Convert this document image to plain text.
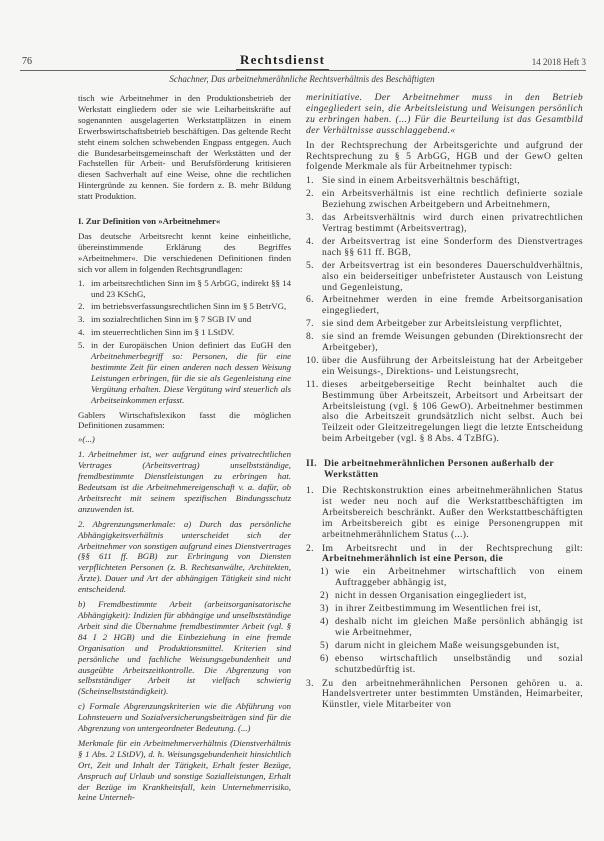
76	Rechtsdienst	14 2018 Heft 3
Schachner, Das arbeitnehmerähnliche Rechtsverhältnis des Beschäftigten

tisch wie Arbeitnehmer in den Produktionsbetrieb der Werkstatt eingliedern oder sie wie Leiharbeitskräfte auf sogenannten ausgelagerten Werkstattplätzen in einem Erwerbswirtschaftsbetrieb beschäftigen. Das geltende Recht steht einem solchen schwebenden Engpass entgegen. Auch die Bundesarbeitsgemeinschaft der Werkstätten und der Fachstellen für Arbeit- und Berufsförderung kritisieren diesen Sachverhalt auf eine Weise, ohne die rechtlichen Hintergründe zu kennen. Sie fordern z. B. mehr Bildung statt Produktion.

I. Zur Definition von »Arbeitnehmer«

Das deutsche Arbeitsrecht kennt keine einheitliche, übereinstimmende Erklärung des Begriffes »Arbeitnehmer«. Die verschiedenen Definitionen finden sich vor allem in folgenden Rechtsgrundlagen:

1. im arbeitsrechtlichen Sinn im § 5 ArbGG, indirekt §§ 14 und 23 KSchG,
2. im betriebsverfassungsrechtlichen Sinn im § 5 BetrVG,
3. im sozialrechtlichen Sinn im § 7 SGB IV und
4. im steuerrechtlichen Sinn im § 1 LStDV.
5. in der Europäischen Union definiert das EuGH den Arbeitnehmerbegriff so: Personen, die für eine bestimmte Zeit für einen anderen nach dessen Weisung Leistungen erbringen, für die sie als Gegenleistung eine Vergütung erhalten. Diese Vergütung wird steuerlich als Arbeitseinkommen erfasst.

Gablers Wirtschaftslexikon fasst die möglichen Definitionen zusammen:

»(...)

1. Arbeitnehmer ist, wer aufgrund eines privatrechtlichen Vertrages (Arbeitsvertrag) unselbstständige, fremdbestimmte Dienstleistungen zu erbringen hat. Bedeutsam ist die Arbeitnehmereigenschaft v. a. dafür, ob Arbeitsrecht mit seinem spezifischen Bindungsschutz anzuwenden ist.

2. Abgrenzungsmerkmale: a) Durch das persönliche Abhängigkeitsverhältnis unterscheidet sich der Arbeitnehmer von sonstigen aufgrund eines Dienstvertrages (§§ 611 ff. BGB) zur Erbringung von Diensten verpflichteten Personen (z. B. Rechtsanwälte, Architekten, Ärzte). Dauer und Art der abhängigen Tätigkeit sind nicht entscheidend.

b) Fremdbestimmte Arbeit (arbeitsorganisatorische Abhängigkeit): Indizien für abhängige und unselbstständige Arbeit sind die Übernahme fremdbestimmter Arbeit (vgl. § 84 I 2 HGB) und die Einbeziehung in eine fremde Organisation und Produktionsmittel. Kriterien sind persönliche und fachliche Weisungsgebundenheit und ausgeübte Arbeitszeitkontrolle. Die Abgrenzung von selbstständiger Arbeit ist vielfach schwierig (Scheinselbstständigkeit).

c) Formale Abgrenzungskriterien wie die Abführung von Lohnsteuern und Sozialversicherungsbeiträgen sind für die Abgrenzung von untergeordneter Bedeutung. (...)

Merkmale für ein Arbeitnehmerverhältnis (Dienstverhältnis § 1 Abs. 2 LStDV), d. h. Weisungsgebundenheit hinsichtlich Ort, Zeit und Inhalt der Tätigkeit, Erhalt fester Bezüge, Anspruch auf Urlaub und sonstige Sozialleistungen, Erhalt der Bezüge im Krankheitsfall, kein Unternehmerrisiko, keine Unterneh-

merinitiative. Der Arbeitnehmer muss in den Betrieb eingegliedert sein, die Arbeitsleistung und Weisungen persönlich zu erbringen haben. (...) Für die Beurteilung ist das Gesamtbild der Verhältnisse ausschlaggebend.«

In der Rechtsprechung der Arbeitsgerichte und aufgrund der Rechtsprechung zu § 5 ArbGG, HGB und der GewO gelten folgende Merkmale als für Arbeitnehmer typisch:

1. Sie sind in einem Arbeitsverhältnis beschäftigt,
2. ein Arbeitsverhältnis ist eine rechtlich definierte soziale Beziehung zwischen Arbeitgebern und Arbeitnehmern,
3. das Arbeitsverhältnis wird durch einen privatrechtlichen Vertrag bestimmt (Arbeitsvertrag),
4. der Arbeitsvertrag ist eine Sonderform des Dienstvertrages nach §§ 611 ff. BGB,
5. der Arbeitsvertrag ist ein besonderes Dauerschuldverhältnis, also ein beiderseitiger unbefristeter Austausch von Leistung und Gegenleistung,
6. Arbeitnehmer werden in eine fremde Arbeitsorganisation eingegliedert,
7. sie sind dem Arbeitgeber zur Arbeitsleistung verpflichtet,
8. sie sind an fremde Weisungen gebunden (Direktionsrecht der Arbeitgeber),
10. über die Ausführung der Arbeitsleistung hat der Arbeitgeber ein Weisungs-, Direktions- und Leistungsrecht,
11. dieses arbeitgeberseitige Recht beinhaltet auch die Bestimmung über Arbeitszeit, Arbeitsort und Arbeitsart der Arbeitsleistung (vgl. § 106 GewO). Arbeitnehmer bestimmen also die Arbeitszeit grundsätzlich nicht selbst. Auch bei Teilzeit oder Gleitzeitregelungen liegt die letzte Entscheidung beim Arbeitgeber (vgl. § 8 Abs. 4 TzBfG).
II. Die arbeitnehmerähnlichen Personen außerhalb der Werkstätten
1. Die Rechtskonstruktion eines arbeitnehmerähnlichen Status ist weder neu noch auf die Werkstattbeschäftigten im Arbeitsbereich beschränkt. Außer den Werkstattbeschäftigten im Arbeitsbereich gibt es einige Personengruppen mit arbeitnehmerähnlichem Status (...).
2. Im Arbeitsrecht und in der Rechtsprechung gilt: Arbeitnehmerähnlich ist eine Person, die
1) wie ein Arbeitnehmer wirtschaftlich von einem Auftraggeber abhängig ist,
2) nicht in dessen Organisation eingegliedert ist,
3) in ihrer Zeitbestimmung im Wesentlichen frei ist,
4) deshalb nicht im gleichen Maße persönlich abhängig ist wie Arbeitnehmer,
5) darum nicht in gleichem Maße weisungsgebunden ist,
6) ebenso wirtschaftlich unselbständig und sozial schutzbedürftig ist.
3. Zu den arbeitnehmerähnlichen Personen gehören u. a. Handelsvertreter unter bestimmten Umständen, Heimarbeiter, Künstler, viele Mitarbeiter von
